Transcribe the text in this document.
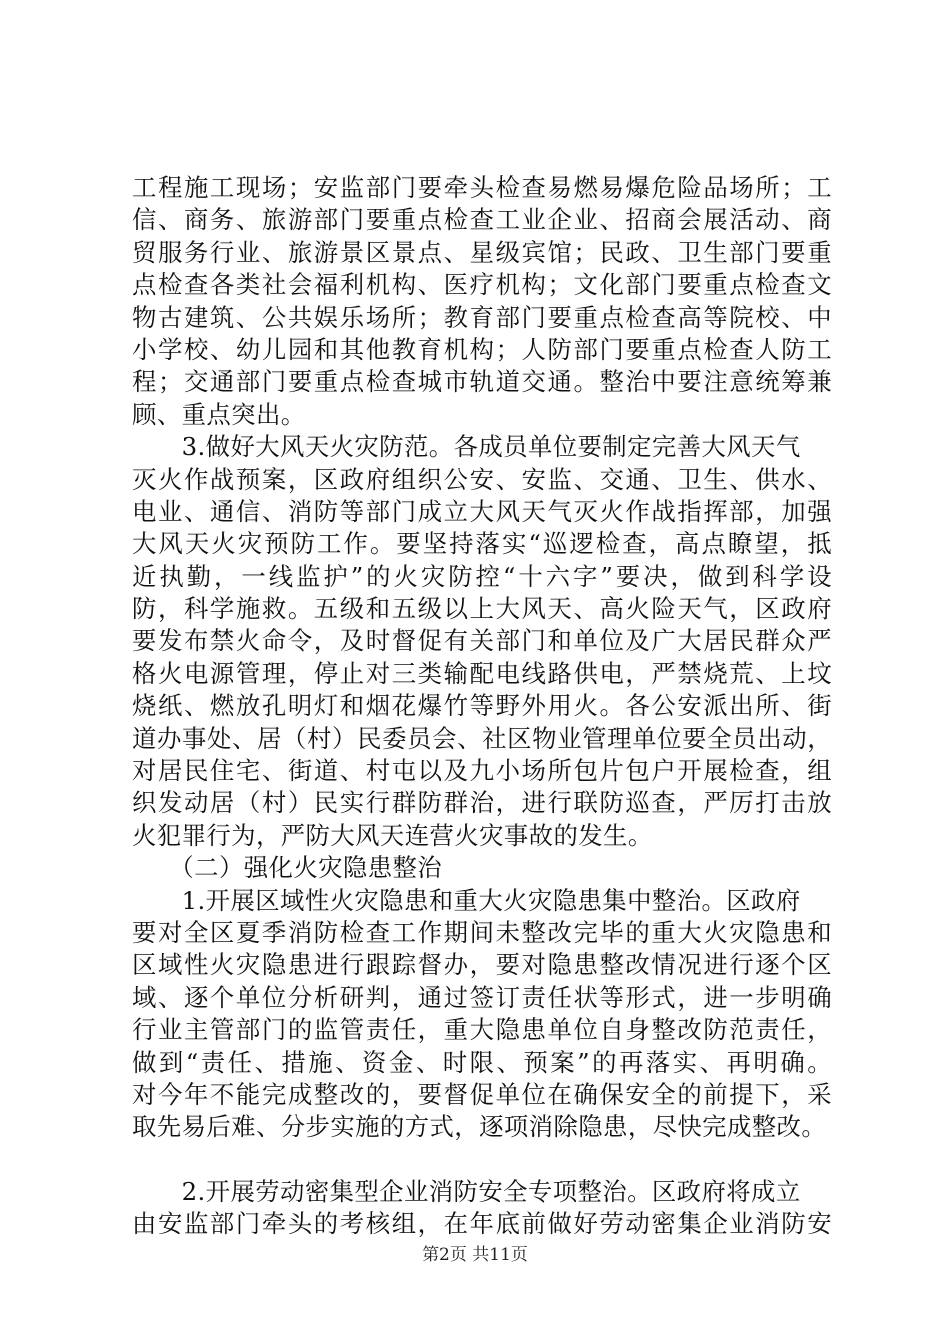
工程施工现场；安监部门要牵头检查易燃易爆危险品场所；工
信、商务、旅游部门要重点检查工业企业、招商会展活动、商
贸服务行业、旅游景区景点、星级宾馆；民政、卫生部门要重
点检查各类社会福利机构、医疗机构；文化部门要重点检查文
物古建筑、公共娱乐场所；教育部门要重点检查高等院校、中
小学校、幼儿园和其他教育机构；人防部门要重点检查人防工
程；交通部门要重点检查城市轨道交通。整治中要注意统筹兼
顾、重点突出。
　　3.做好大风天火灾防范。各成员单位要制定完善大风天气
灭火作战预案，区政府组织公安、安监、交通、卫生、供水、
电业、通信、消防等部门成立大风天气灭火作战指挥部，加强
大风天火灾预防工作。要坚持落实“巡逻检查，高点瞭望，抵
近执勤，一线监护”的火灾防控“十六字”要决，做到科学设
防，科学施救。五级和五级以上大风天、高火险天气，区政府
要发布禁火命令，及时督促有关部门和单位及广大居民群众严
格火电源管理，停止对三类输配电线路供电，严禁烧荒、上坟
烧纸、燃放孔明灯和烟花爆竹等野外用火。各公安派出所、街
道办事处、居（村）民委员会、社区物业管理单位要全员出动，
对居民住宅、街道、村屯以及九小场所包片包户开展检查，组
织发动居（村）民实行群防群治，进行联防巡查，严厉打击放
火犯罪行为，严防大风天连营火灾事故的发生。
　　（二）强化火灾隐患整治
　　1.开展区域性火灾隐患和重大火灾隐患集中整治。区政府
要对全区夏季消防检查工作期间未整改完毕的重大火灾隐患和
区域性火灾隐患进行跟踪督办，要对隐患整改情况进行逐个区
域、逐个单位分析研判，通过签订责任状等形式，进一步明确
行业主管部门的监管责任，重大隐患单位自身整改防范责任，
做到“责任、措施、资金、时限、预案”的再落实、再明确。
对今年不能完成整改的，要督促单位在确保安全的前提下，采
取先易后难、分步实施的方式，逐项消除隐患，尽快完成整改。
　　2.开展劳动密集型企业消防安全专项整治。区政府将成立
由安监部门牵头的考核组，在年底前做好劳动密集企业消防安
第2页 共11页
